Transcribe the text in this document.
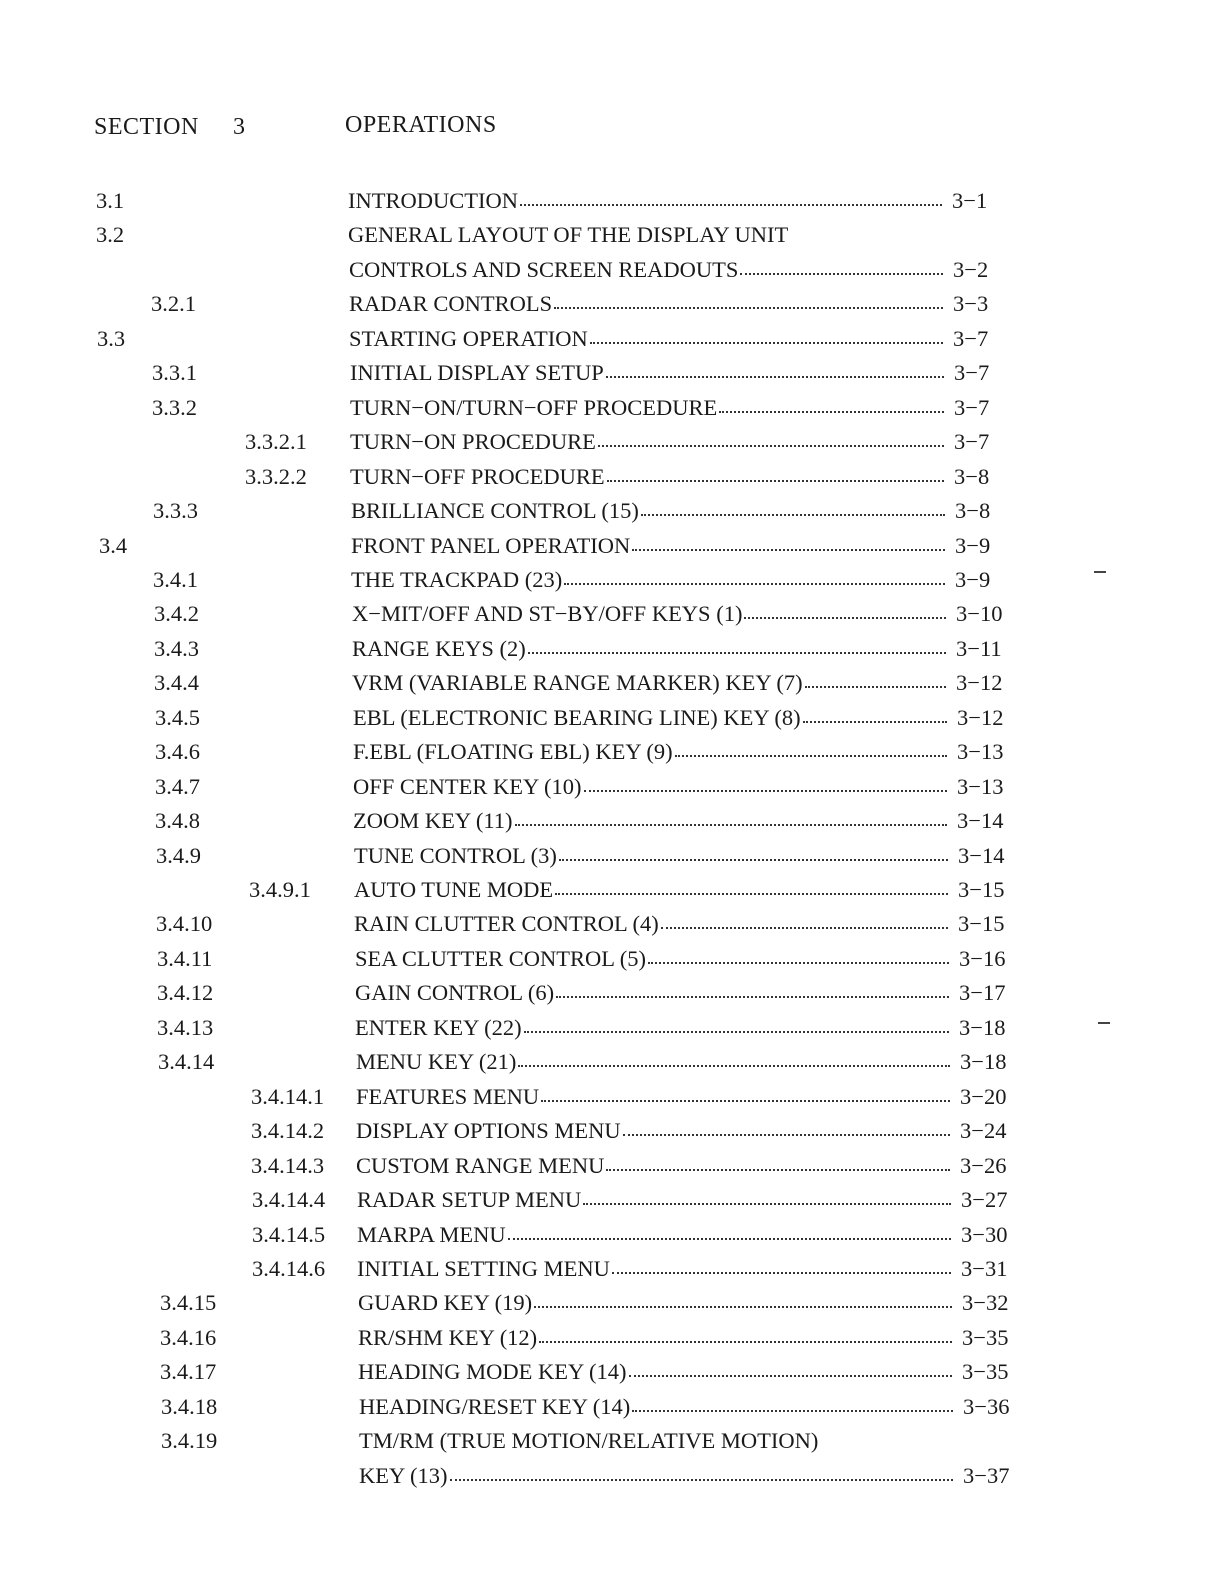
SECTION 3	OPERATIONS
3.1	INTRODUCTION	3−1
3.2	GENERAL LAYOUT OF THE DISPLAY UNIT
CONTROLS AND SCREEN READOUTS	3−2
3.2.1	RADAR CONTROLS	3−3
3.3	STARTING OPERATION	3−7
3.3.1	INITIAL DISPLAY SETUP	3−7
3.3.2	TURN−ON/TURN−OFF PROCEDURE	3−7
3.3.2.1 TURN−ON PROCEDURE	3−7
3.3.2.2 TURN−OFF PROCEDURE	3−8
3.3.3	BRILLIANCE CONTROL (15)	3−8
3.4	FRONT PANEL OPERATION	3−9
3.4.1	THE TRACKPAD (23)	3−9
3.4.2	X−MIT/OFF AND ST−BY/OFF KEYS (1)	3−10
3.4.3	RANGE KEYS (2)	3−11
3.4.4	VRM (VARIABLE RANGE MARKER) KEY (7)	3−12
3.4.5	EBL (ELECTRONIC BEARING LINE) KEY (8)	3−12
3.4.6	F.EBL (FLOATING EBL) KEY (9)	3−13
3.4.7	OFF CENTER KEY (10)	3−13
3.4.8	ZOOM KEY (11)	3−14
3.4.9	TUNE CONTROL (3)	3−14
3.4.9.1 AUTO TUNE MODE	3−15
3.4.10	RAIN CLUTTER CONTROL (4)	3−15
3.4.11	SEA CLUTTER CONTROL (5)	3−16
3.4.12	GAIN CONTROL (6)	3−17
3.4.13	ENTER KEY (22)	3−18
3.4.14	MENU KEY (21)	3−18
3.4.14.1 FEATURES MENU	3−20
3.4.14.2 DISPLAY OPTIONS MENU	3−24
3.4.14.3 CUSTOM RANGE MENU	3−26
3.4.14.4 RADAR SETUP MENU	3−27
3.4.14.5 MARPA MENU	3−30
3.4.14.6 INITIAL SETTING MENU	3−31
3.4.15	GUARD KEY (19)	3−32
3.4.16	RR/SHM KEY (12)	3−35
3.4.17	HEADING MODE KEY (14)	3−35
3.4.18	HEADING/RESET KEY (14)	3−36
3.4.19	TM/RM (TRUE MOTION/RELATIVE MOTION)
KEY (13)	3−37
